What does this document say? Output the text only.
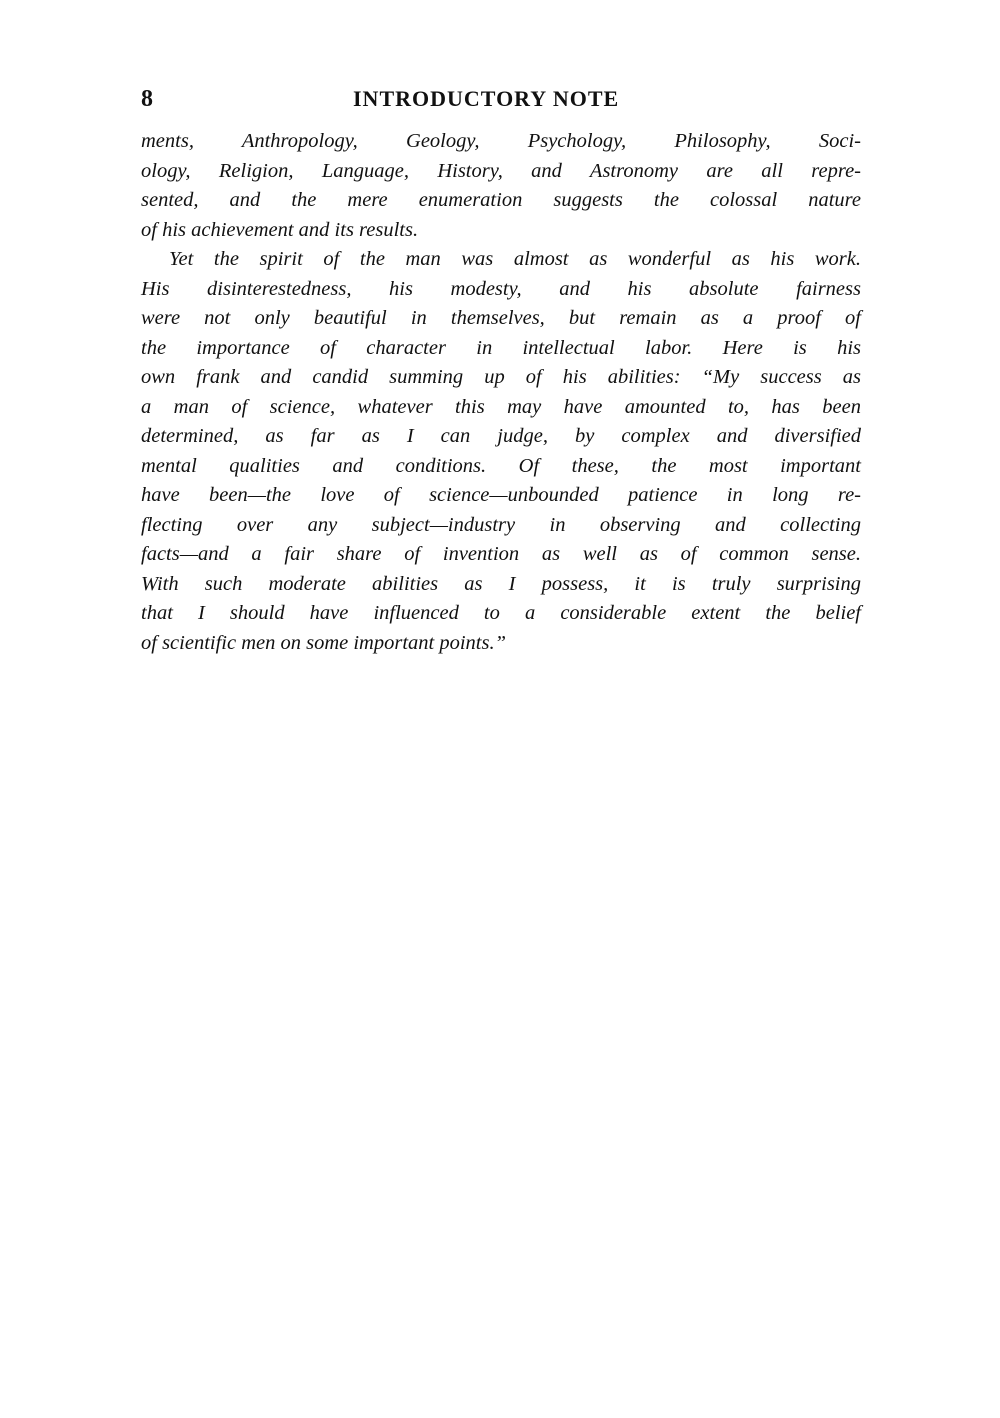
8	INTRODUCTORY NOTE
ments, Anthropology, Geology, Psychology, Philosophy, Soci-
ology, Religion, Language, History, and Astronomy are all repre-
sented, and the mere enumeration suggests the colossal nature
of his achievement and its results.
Yet the spirit of the man was almost as wonderful as his work.
His disinterestedness, his modesty, and his absolute fairness
were not only beautiful in themselves, but remain as a proof of
the importance of character in intellectual labor. Here is his
own frank and candid summing up of his abilities: “My success as
a man of science, whatever this may have amounted to, has been
determined, as far as I can judge, by complex and diversified
mental qualities and conditions. Of these, the most important
have been—the love of science—unbounded patience in long re-
flecting over any subject—industry in observing and collecting
facts—and a fair share of invention as well as of common sense.
With such moderate abilities as I possess, it is truly surprising
that I should have influenced to a considerable extent the belief
of scientific men on some important points.”
